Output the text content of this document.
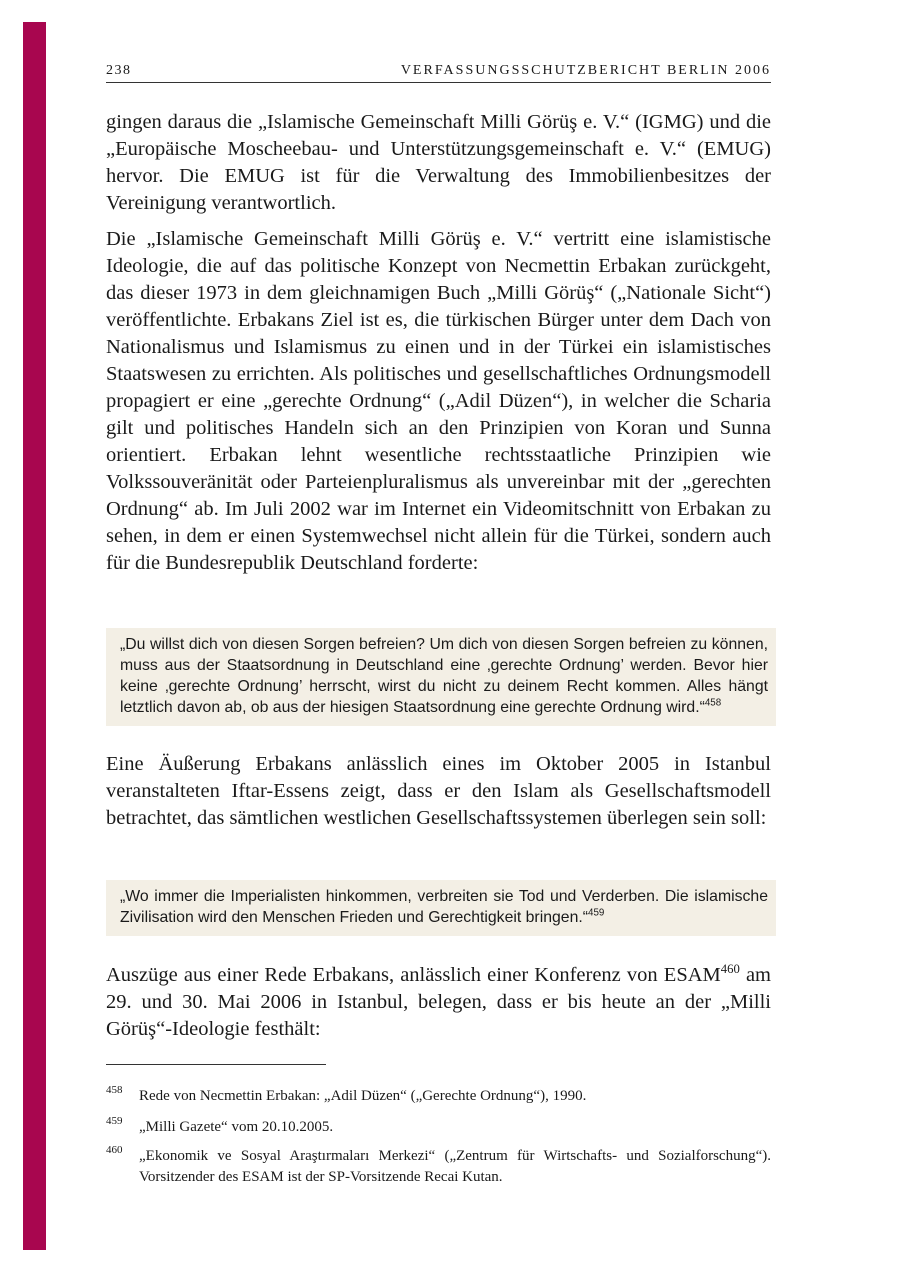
238	VERFASSUNGSSCHUTZBERICHT BERLIN 2006

gingen daraus die „Islamische Gemeinschaft Milli Görüş e. V.“ (IGMG) und die „Europäische Moscheebau- und Unterstützungsgemeinschaft e. V.“ (EMUG) hervor. Die EMUG ist für die Verwaltung des Immobilienbesitzes der Vereinigung verantwortlich.

Die „Islamische Gemeinschaft Milli Görüş e. V.“ vertritt eine islamistische Ideologie, die auf das politische Konzept von Necmettin Erbakan zurückgeht, das dieser 1973 in dem gleichnamigen Buch „Milli Görüş“ („Nationale Sicht“) veröffentlichte. Erbakans Ziel ist es, die türkischen Bürger unter dem Dach von Nationalismus und Islamismus zu einen und in der Türkei ein islamistisches Staatswesen zu errichten. Als politisches und gesellschaftliches Ordnungsmodell propagiert er eine „gerechte Ordnung“ („Adil Düzen“), in welcher die Scharia gilt und politisches Handeln sich an den Prinzipien von Koran und Sunna orientiert. Erbakan lehnt wesentliche rechtsstaatliche Prinzipien wie Volkssouveränität oder Parteienpluralismus als unvereinbar mit der „gerechten Ordnung“ ab. Im Juli 2002 war im Internet ein Videomitschnitt von Erbakan zu sehen, in dem er einen Systemwechsel nicht allein für die Türkei, sondern auch für die Bundesrepublik Deutschland forderte:

„Du willst dich von diesen Sorgen befreien? Um dich von diesen Sorgen befreien zu können, muss aus der Staatsordnung in Deutschland eine ‚gerechte Ordnung’ werden. Bevor hier keine ‚gerechte Ordnung’ herrscht, wirst du nicht zu deinem Recht kommen. Alles hängt letztlich davon ab, ob aus der hiesigen Staatsordnung eine gerechte Ordnung wird.“$^{458}$

Eine Äußerung Erbakans anlässlich eines im Oktober 2005 in Istanbul veranstalteten Iftar-Essens zeigt, dass er den Islam als Gesellschaftsmodell betrachtet, das sämtlichen westlichen Gesellschaftssystemen überlegen sein soll:

„Wo immer die Imperialisten hinkommen, verbreiten sie Tod und Verderben. Die islamische Zivilisation wird den Menschen Frieden und Gerechtigkeit bringen.“$^{459}$

Auszüge aus einer Rede Erbakans, anlässlich einer Konferenz von ESAM$^{460}$ am 29. und 30. Mai 2006 in Istanbul, belegen, dass er bis heute an der „Milli Görüş“-Ideologie festhält:

458 Rede von Necmettin Erbakan: „Adil Düzen“ („Gerechte Ordnung“), 1990.
459 „Milli Gazete“ vom 20.10.2005.
460 „Ekonomik ve Sosyal Araştırmaları Merkezi“ („Zentrum für Wirtschafts- und Sozialforschung“). Vorsitzender des ESAM ist der SP-Vorsitzende Recai Kutan.
